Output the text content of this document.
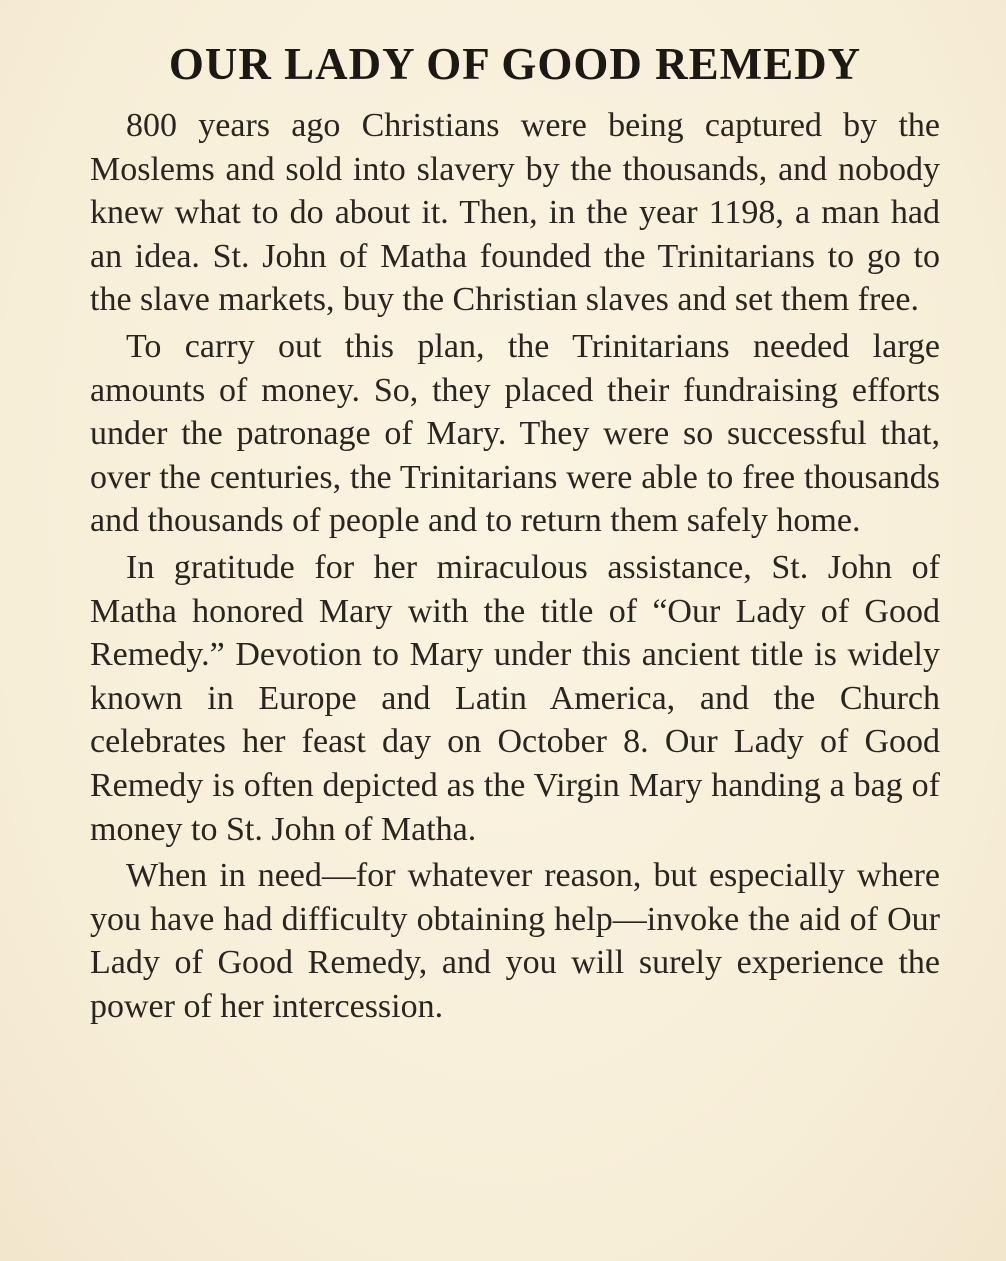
OUR LADY OF GOOD REMEDY

800 years ago Christians were being captured by the Moslems and sold into slavery by the thousands, and nobody knew what to do about it. Then, in the year 1198, a man had an idea. St. John of Matha founded the Trinitarians to go to the slave markets, buy the Christian slaves and set them free.

To carry out this plan, the Trinitarians needed large amounts of money. So, they placed their fundraising efforts under the patronage of Mary. They were so successful that, over the centuries, the Trinitarians were able to free thousands and thousands of people and to return them safely home.

In gratitude for her miraculous assistance, St. John of Matha honored Mary with the title of “Our Lady of Good Remedy.” Devotion to Mary under this ancient title is widely known in Europe and Latin America, and the Church celebrates her feast day on October 8. Our Lady of Good Remedy is often depicted as the Virgin Mary handing a bag of money to St. John of Matha.

When in need—for whatever reason, but especially where you have had difficulty obtaining help—invoke the aid of Our Lady of Good Remedy, and you will surely experience the power of her intercession.
